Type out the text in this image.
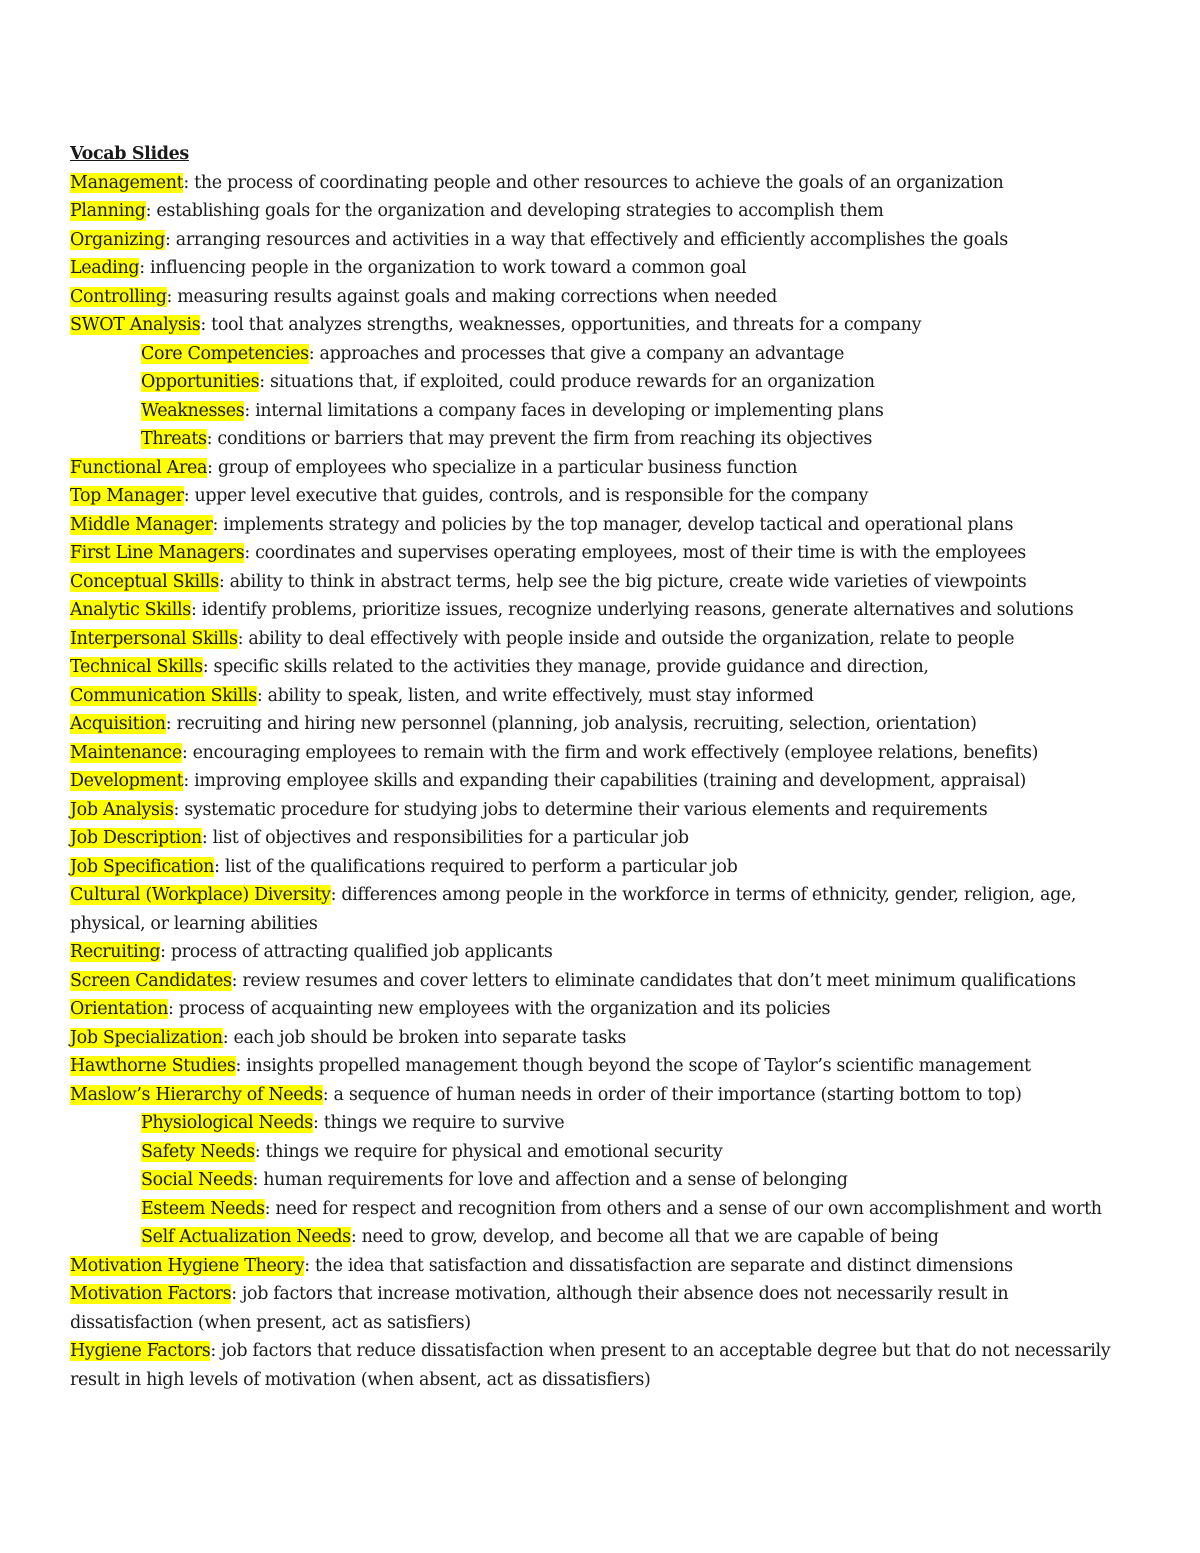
Vocab Slides
Management: the process of coordinating people and other resources to achieve the goals of an organization
Planning: establishing goals for the organization and developing strategies to accomplish them
Organizing: arranging resources and activities in a way that effectively and efficiently accomplishes the goals
Leading: influencing people in the organization to work toward a common goal
Controlling: measuring results against goals and making corrections when needed
SWOT Analysis: tool that analyzes strengths, weaknesses, opportunities, and threats for a company
Core Competencies: approaches and processes that give a company an advantage
Opportunities: situations that, if exploited, could produce rewards for an organization
Weaknesses: internal limitations a company faces in developing or implementing plans
Threats: conditions or barriers that may prevent the firm from reaching its objectives
Functional Area: group of employees who specialize in a particular business function
Top Manager: upper level executive that guides, controls, and is responsible for the company
Middle Manager: implements strategy and policies by the top manager, develop tactical and operational plans
First Line Managers: coordinates and supervises operating employees, most of their time is with the employees
Conceptual Skills: ability to think in abstract terms, help see the big picture, create wide varieties of viewpoints
Analytic Skills: identify problems, prioritize issues, recognize underlying reasons, generate alternatives and solutions
Interpersonal Skills: ability to deal effectively with people inside and outside the organization, relate to people
Technical Skills: specific skills related to the activities they manage, provide guidance and direction,
Communication Skills: ability to speak, listen, and write effectively, must stay informed
Acquisition: recruiting and hiring new personnel (planning, job analysis, recruiting, selection, orientation)
Maintenance: encouraging employees to remain with the firm and work effectively (employee relations, benefits)
Development: improving employee skills and expanding their capabilities (training and development, appraisal)
Job Analysis: systematic procedure for studying jobs to determine their various elements and requirements
Job Description: list of objectives and responsibilities for a particular job
Job Specification: list of the qualifications required to perform a particular job
Cultural (Workplace) Diversity: differences among people in the workforce in terms of ethnicity, gender, religion, age, physical, or learning abilities
Recruiting: process of attracting qualified job applicants
Screen Candidates: review resumes and cover letters to eliminate candidates that don’t meet minimum qualifications
Orientation: process of acquainting new employees with the organization and its policies
Job Specialization: each job should be broken into separate tasks
Hawthorne Studies: insights propelled management though beyond the scope of Taylor’s scientific management
Maslow’s Hierarchy of Needs: a sequence of human needs in order of their importance (starting bottom to top)
Physiological Needs: things we require to survive
Safety Needs: things we require for physical and emotional security
Social Needs: human requirements for love and affection and a sense of belonging
Esteem Needs: need for respect and recognition from others and a sense of our own accomplishment and worth
Self Actualization Needs: need to grow, develop, and become all that we are capable of being
Motivation Hygiene Theory: the idea that satisfaction and dissatisfaction are separate and distinct dimensions
Motivation Factors: job factors that increase motivation, although their absence does not necessarily result in dissatisfaction (when present, act as satisfiers)
Hygiene Factors: job factors that reduce dissatisfaction when present to an acceptable degree but that do not necessarily result in high levels of motivation (when absent, act as dissatisfiers)
